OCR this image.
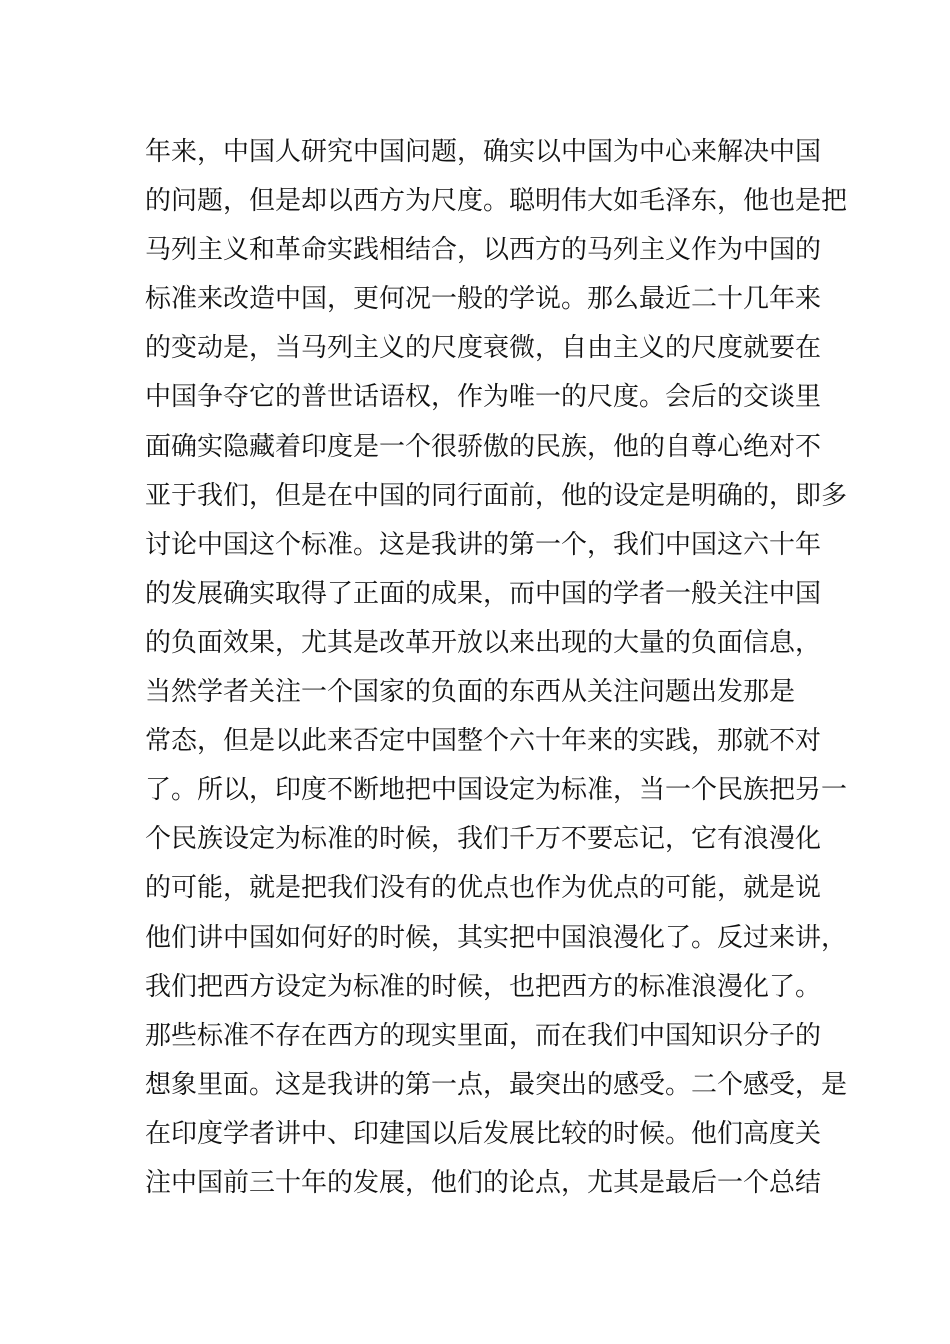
年来，中国人研究中国问题，确实以中国为中心来解决中国
的问题，但是却以西方为尺度。聪明伟大如毛泽东，他也是把
马列主义和革命实践相结合，以西方的马列主义作为中国的
标准来改造中国，更何况一般的学说。那么最近二十几年来
的变动是，当马列主义的尺度衰微，自由主义的尺度就要在
中国争夺它的普世话语权，作为唯一的尺度。会后的交谈里
面确实隐藏着印度是一个很骄傲的民族，他的自尊心绝对不
亚于我们，但是在中国的同行面前，他的设定是明确的，即多
讨论中国这个标准。这是我讲的第一个，我们中国这六十年
的发展确实取得了正面的成果，而中国的学者一般关注中国
的负面效果，尤其是改革开放以来出现的大量的负面信息，
当然学者关注一个国家的负面的东西从关注问题出发那是
常态，但是以此来否定中国整个六十年来的实践，那就不对
了。所以，印度不断地把中国设定为标准，当一个民族把另一
个民族设定为标准的时候，我们千万不要忘记，它有浪漫化
的可能，就是把我们没有的优点也作为优点的可能，就是说
他们讲中国如何好的时候，其实把中国浪漫化了。反过来讲，
我们把西方设定为标准的时候，也把西方的标准浪漫化了。
那些标准不存在西方的现实里面，而在我们中国知识分子的
想象里面。这是我讲的第一点，最突出的感受。二个感受，是
在印度学者讲中、印建国以后发展比较的时候。他们高度关
注中国前三十年的发展，他们的论点，尤其是最后一个总结
